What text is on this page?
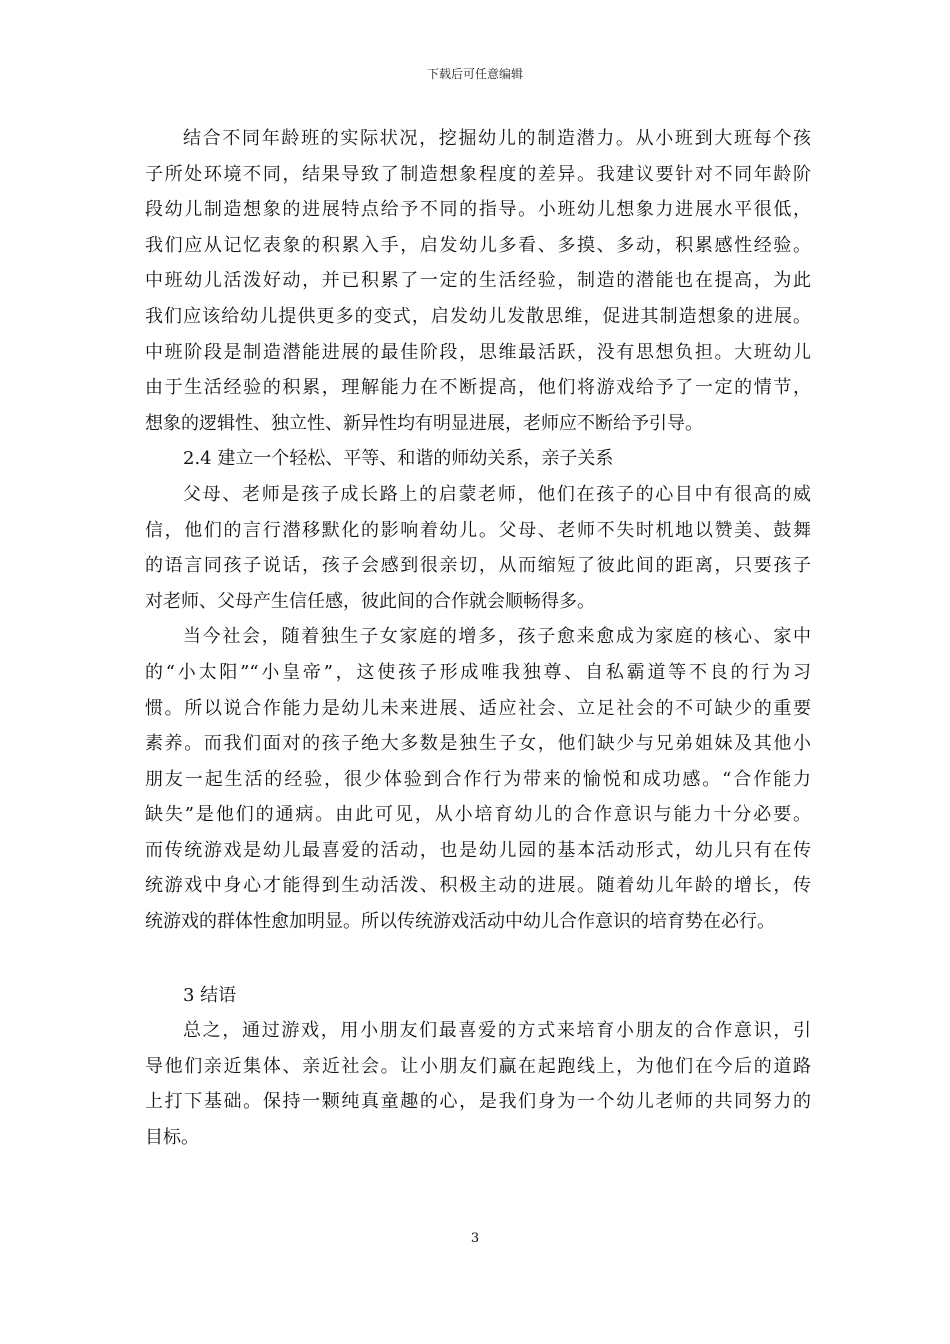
下载后可任意编辑
结合不同年龄班的实际状况，挖掘幼儿的制造潜力。从小班到大班每个孩
子所处环境不同，结果导致了制造想象程度的差异。我建议要针对不同年龄阶
段幼儿制造想象的进展特点给予不同的指导。小班幼儿想象力进展水平很低，
我们应从记忆表象的积累入手，启发幼儿多看、多摸、多动，积累感性经验。
中班幼儿活泼好动，并已积累了一定的生活经验，制造的潜能也在提高，为此
我们应该给幼儿提供更多的变式，启发幼儿发散思维，促进其制造想象的进展。
中班阶段是制造潜能进展的最佳阶段，思维最活跃，没有思想负担。大班幼儿
由于生活经验的积累，理解能力在不断提高，他们将游戏给予了一定的情节，
想象的逻辑性、独立性、新异性均有明显进展，老师应不断给予引导。
2.4 建立一个轻松、平等、和谐的师幼关系，亲子关系
父母、老师是孩子成长路上的启蒙老师，他们在孩子的心目中有很高的威
信，他们的言行潜移默化的影响着幼儿。父母、老师不失时机地以赞美、鼓舞
的语言同孩子说话，孩子会感到很亲切，从而缩短了彼此间的距离，只要孩子
对老师、父母产生信任感，彼此间的合作就会顺畅得多。
当今社会，随着独生子女家庭的增多，孩子愈来愈成为家庭的核心、家中
的“小太阳”“小皇帝”，这使孩子形成唯我独尊、自私霸道等不良的行为习
惯。所以说合作能力是幼儿未来进展、适应社会、立足社会的不可缺少的重要
素养。而我们面对的孩子绝大多数是独生子女，他们缺少与兄弟姐妹及其他小
朋友一起生活的经验，很少体验到合作行为带来的愉悦和成功感。“合作能力
缺失”是他们的通病。由此可见，从小培育幼儿的合作意识与能力十分必要。
而传统游戏是幼儿最喜爱的活动，也是幼儿园的基本活动形式，幼儿只有在传
统游戏中身心才能得到生动活泼、积极主动的进展。随着幼儿年龄的增长，传
统游戏的群体性愈加明显。所以传统游戏活动中幼儿合作意识的培育势在必行。
3 结语
总之，通过游戏，用小朋友们最喜爱的方式来培育小朋友的合作意识，引
导他们亲近集体、亲近社会。让小朋友们赢在起跑线上，为他们在今后的道路
上打下基础。保持一颗纯真童趣的心，是我们身为一个幼儿老师的共同努力的
目标。
3
